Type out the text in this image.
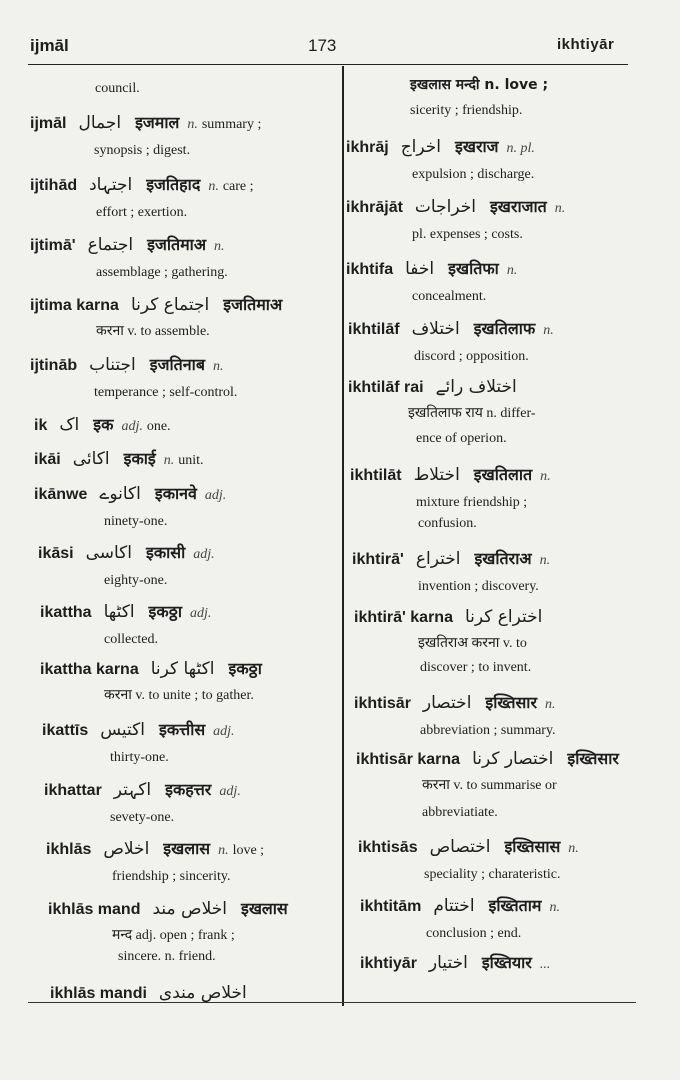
ijmāl	173	ikhtiyār
council.
ijmāl اجمال इजमाल n. summary ;
synopsis ; digest.
ijtihād اجتہاد इजतिहाद n. care ;
effort ; exertion.
ijtimā' اجتماع इजतिमाअ n.
assemblage ; gathering.
ijtima karna اجتماع کرنا इजतिमाअ
करना v. to assemble.
ijtināb اجتناب इजतिनाब n.
temperance ; self-control.
ik اک इक adj. one.
ikāi اکائی इकाई n. unit.
ikānwe اکانوے इकानवे adj.
ninety-one.
ikāsi اکاسی इकासी adj.
eighty-one.
ikattha اکٹھا इकठ्ठा adj.
collected.
ikattha karna اکٹھا کرنا इकठ्ठा
करना v. to unite ; to gather.
ikattīs اکتیس इकत्तीस adj.
thirty-one.
ikhattar اکہتر इकहत्तर adj.
sevety-one.
ikhlās اخلاص इखलास n. love ;
friendship ; sincerity.
ikhlās mand اخلاص مند इखलास
मन्द adj. open ; frank ;
ikhlās mandi اخلاص مندی
sincere. n. friend.
इखलास मन्दी n. love ;
sicerity ; friendship.
ikhrāj اخراج इखराज n. pl.
expulsion ; discharge.
ikhrājāt اخراجات इखराजात n.
pl. expenses ; costs.
ikhtifa اخفا इखतिफा n.
concealment.
ikhtilāf اختلاف इखतिलाफ n.
discord ; opposition.
ikhtilāf rai اختلاف رائے
इखतिलाफ राय n. differ-
ikhtilāt اختلاط इखतिलात n.
mixture friendship ;
ikhtirā' اختراع इखतिराअ n.
invention ; discovery.
ikhtirā' karna اختراع کرنا
इखतिराअ करना v. to
ikhtisār اختصار इख्तिसार n.
abbreviation ; summary.
ikhtisār karna اختصار کرنا इख्तिसार
करना v. to summarise or
ikhtisās اختصاص इख्तिसास n.
speciality ; charateristic.
ikhtitām اختتام इख्तिताम n.
conclusion ; end.
ikhtiyār اختیار इख्तियार ...
ence of operion.
confusion.
discover ; to invent.
abbreviatiate.
